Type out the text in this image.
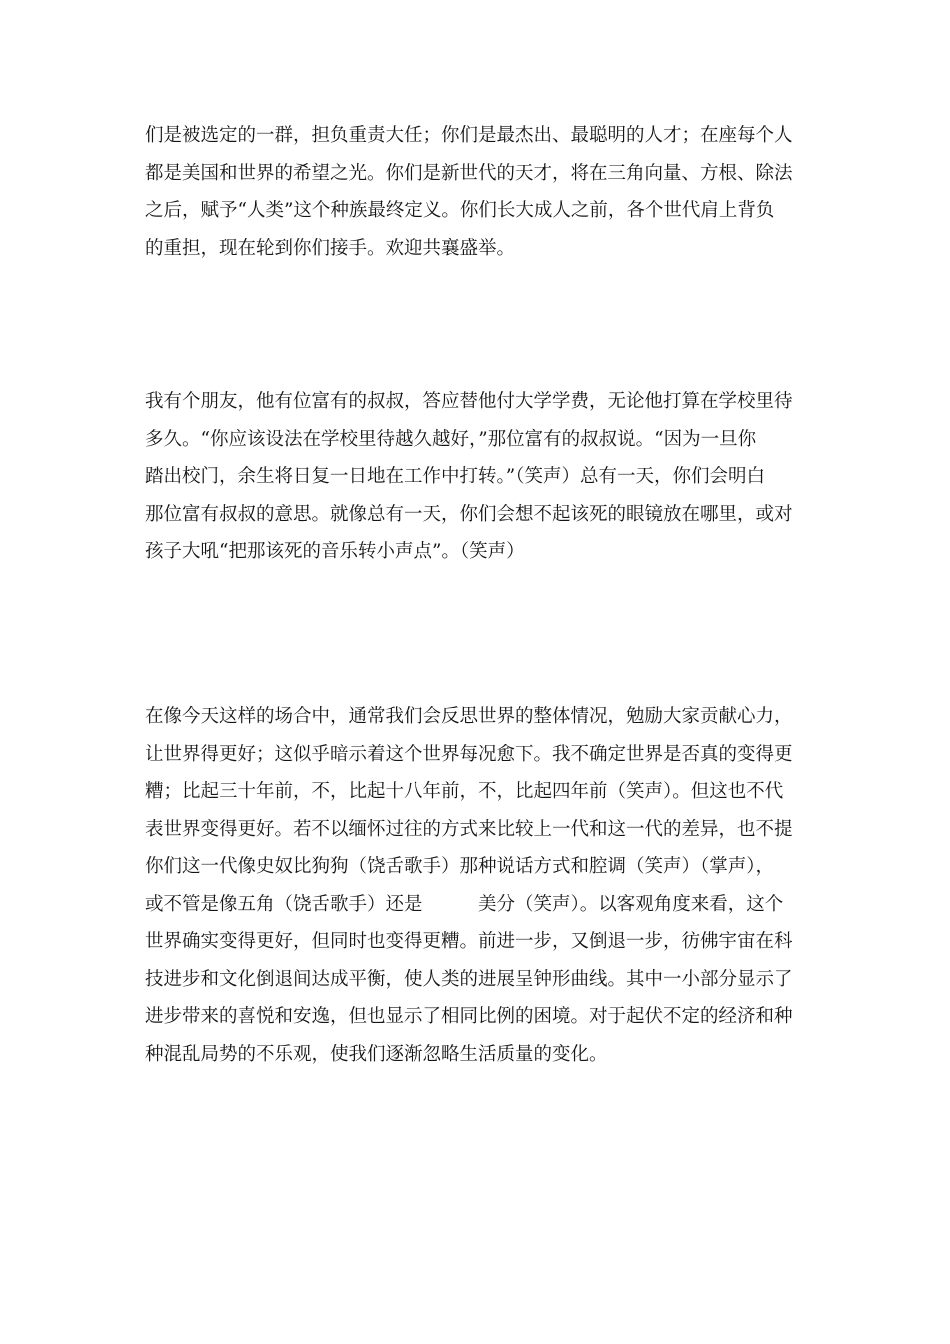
们是被选定的一群，担负重责大任；你们是最杰出、最聪明的人才；在座每个人
都是美国和世界的希望之光。你们是新世代的天才，将在三角向量、方根、除法
之后，赋予“人类”这个种族最终定义。你们长大成人之前，各个世代肩上背负
的重担，现在轮到你们接手。欢迎共襄盛举。
我有个朋友，他有位富有的叔叔，答应替他付大学学费，无论他打算在学校里待
多久。“你应该设法在学校里待越久越好，”那位富有的叔叔说。“因为一旦你
踏出校门，余生将日复一日地在工作中打转。”（笑声）总有一天，你们会明白
那位富有叔叔的意思。就像总有一天，你们会想不起该死的眼镜放在哪里，或对
孩子大吼“把那该死的音乐转小声点”。（笑声）
在像今天这样的场合中，通常我们会反思世界的整体情况，勉励大家贡献心力，
让世界得更好；这似乎暗示着这个世界每况愈下。我不确定世界是否真的变得更
糟；比起三十年前，不，比起十八年前，不，比起四年前（笑声）。但这也不代
表世界变得更好。若不以缅怀过往的方式来比较上一代和这一代的差异，也不提
你们这一代像史奴比狗狗（饶舌歌手）那种说话方式和腔调（笑声）（掌声），
或不管是像五角（饶舌歌手）还是　　　美分（笑声）。以客观角度来看，这个
世界确实变得更好，但同时也变得更糟。前进一步，又倒退一步，彷佛宇宙在科
技进步和文化倒退间达成平衡，使人类的进展呈钟形曲线。其中一小部分显示了
进步带来的喜悦和安逸，但也显示了相同比例的困境。对于起伏不定的经济和种
种混乱局势的不乐观，使我们逐渐忽略生活质量的变化。
